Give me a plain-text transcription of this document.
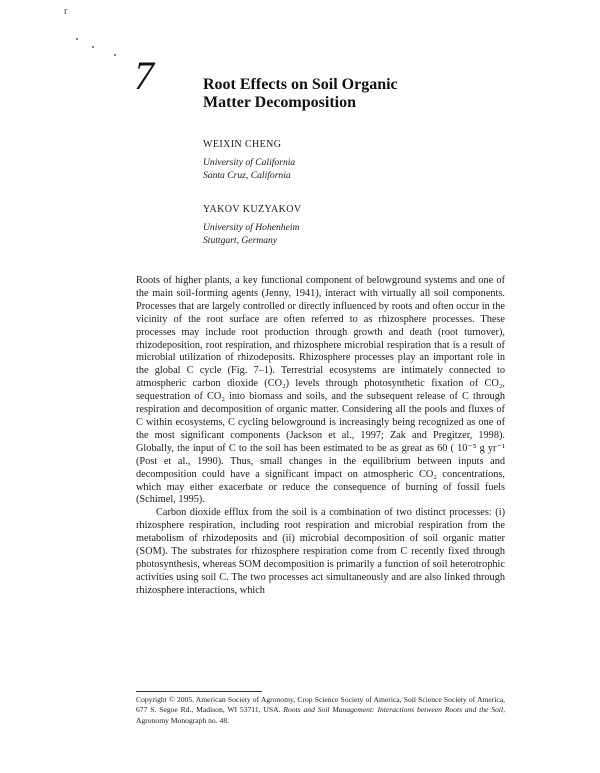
r
7	Root Effects on Soil Organic
Matter Decomposition
WEIXIN CHENG
University of California
Santa Cruz, California
YAKOV KUZYAKOV
University of Hohenheim
Stuttgart, Germany

Roots of higher plants, a key functional component of belowground systems and one of the main soil-forming agents (Jenny, 1941), interact with virtually all soil components. Processes that are largely controlled or directly influenced by roots and often occur in the vicinity of the root surface are often referred to as rhizosphere processes. These processes may include root production through growth and death (root turnover), rhizodeposition, root respiration, and rhizosphere microbial respiration that is a result of microbial utilization of rhizodeposits. Rhizosphere processes play an important role in the global C cycle (Fig. 7–1). Terrestrial ecosystems are intimately connected to atmospheric carbon dioxide (CO₂) levels through photosynthetic fixation of CO₂, sequestration of CO₂ into biomass and soils, and the subsequent release of C through respiration and decomposition of organic matter. Considering all the pools and fluxes of C within ecosystems, C cycling belowground is increasingly being recognized as one of the most significant components (Jackson et al., 1997; Zak and Pregitzer, 1998). Globally, the input of C to the soil has been estimated to be as great as 60 ( 10⁻⁵ g yr⁻¹ (Post et al., 1990). Thus, small changes in the equilibrium between inputs and decomposition could have a significant impact on atmospheric CO₂ concentrations, which may either exacerbate or reduce the consequence of burning of fossil fuels (Schimel, 1995).

Carbon dioxide efflux from the soil is a combination of two distinct processes: (i) rhizosphere respiration, including root respiration and microbial respiration from the metabolism of rhizodeposits and (ii) microbial decomposition of soil organic matter (SOM). The substrates for rhizosphere respiration come from C recently fixed through photosynthesis, whereas SOM decomposition is primarily a function of soil heterotrophic activities using soil C. The two processes act simultaneously and are also linked through rhizosphere interactions, which

Copyright © 2005. American Society of Agronomy, Crop Science Society of America, Soil Science Society of America, 677 S. Segoe Rd., Madison, WI 53711, USA. Roots and Soil Management: Interactions between Roots and the Soil, Agronomy Monograph no. 48.
